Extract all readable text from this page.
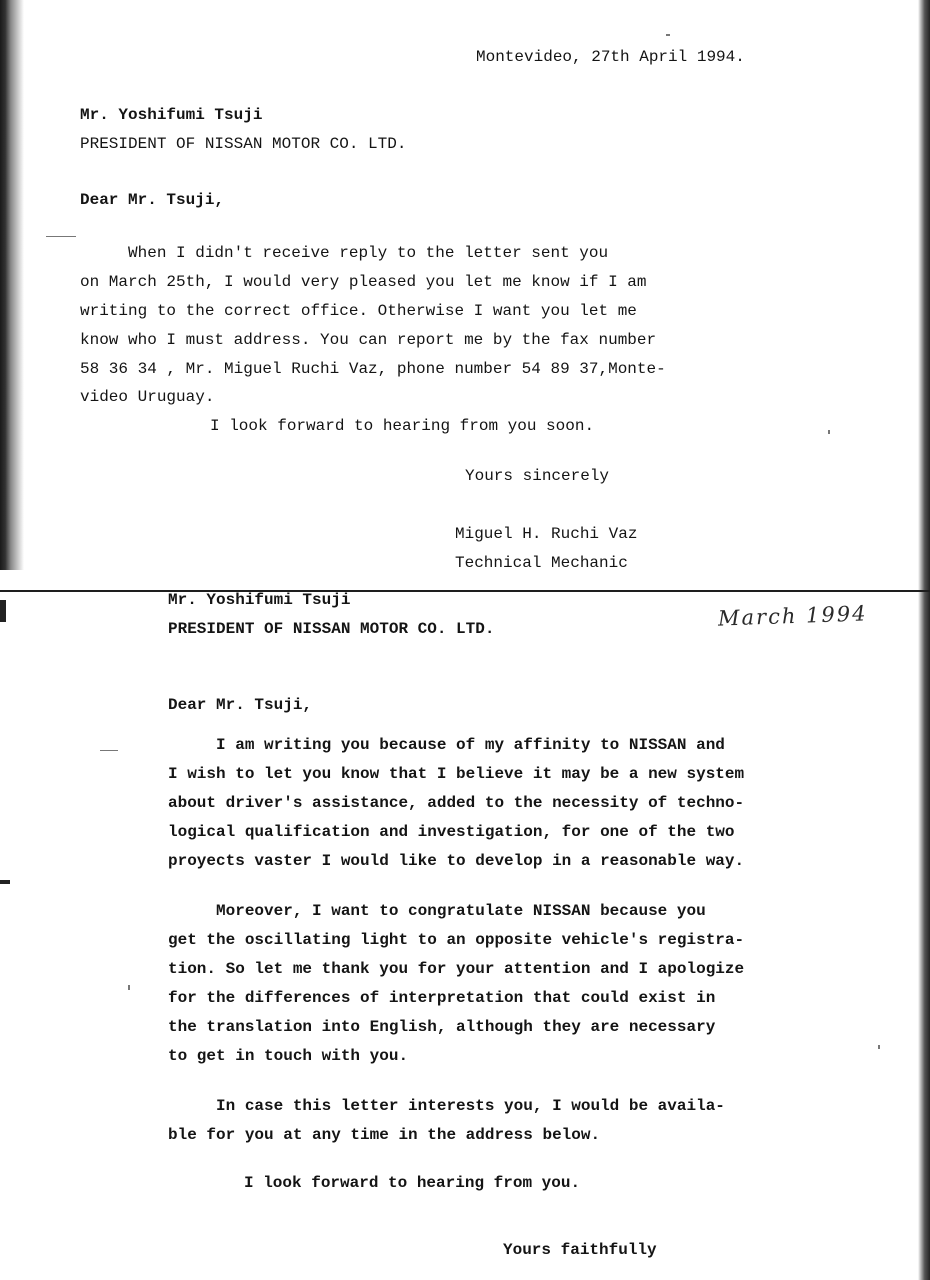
Montevideo, 27th April 1994.
Mr. Yoshifumi Tsuji
PRESIDENT OF NISSAN MOTOR CO. LTD.
Dear Mr. Tsuji,
When I didn't receive reply to the letter sent you
on March 25th, I would very pleased you let me know if I am
writing to the correct office. Otherwise I want you let me
know who I must address. You can report me by the fax number
58 36 34 , Mr. Miguel Ruchi Vaz, phone number 54 89 37,Monte-
video Uruguay.
I look forward to hearing from you soon.
Yours sincerely
Miguel H. Ruchi Vaz
Technical Mechanic
Mr. Yoshifumi Tsuji
PRESIDENT OF NISSAN MOTOR CO. LTD.	March 1994
Dear Mr. Tsuji,
I am writing you because of my affinity to NISSAN and
I wish to let you know that I believe it may be a new system
about driver's assistance, added to the necessity of techno-
logical qualification and investigation, for one of the two
proyects vaster I would like to develop in a reasonable way.
Moreover, I want to congratulate NISSAN because you
get the oscillating light to an opposite vehicle's registra-
tion. So let me thank you for your attention and I apologize
for the differences of interpretation that could exist in
the translation into English, although they are necessary
to get in touch with you.
In case this letter interests you, I would be availa-
ble for you at any time in the address below.
I look forward to hearing from you.
Yours faithfully
